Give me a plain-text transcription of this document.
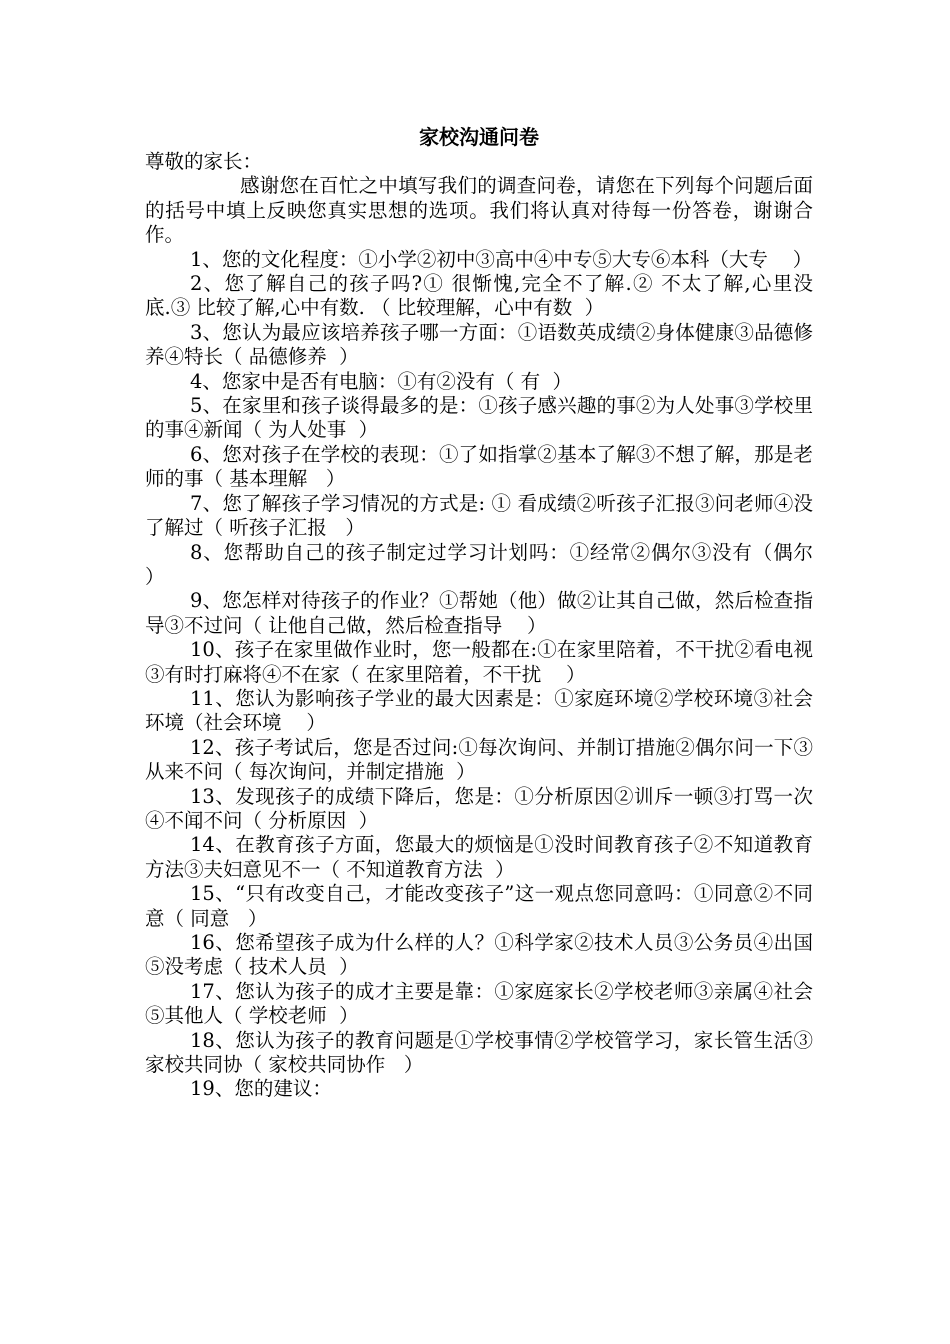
家校沟通问卷

尊敬的家长：

感谢您在百忙之中填写我们的调查问卷，请您在下列每个问题后面的括号中填上反映您真实思想的选项。我们将认真对待每一份答卷，谢谢合作。

1、您的文化程度：①小学②初中③高中④中专⑤大专⑥本科（大专    ）

2、您了解自己的孩子吗?① 很惭愧,完全不了解.② 不太了解,心里没底.③ 比较了解,心中有数. （ 比较理解，心中有数  ）

3、您认为最应该培养孩子哪一方面：①语数英成绩②身体健康③品德修养④特长（ 品德修养  ）

4、您家中是否有电脑：①有②没有（ 有  ）

5、在家里和孩子谈得最多的是：①孩子感兴趣的事②为人处事③学校里的事④新闻（ 为人处事  ）

6、您对孩子在学校的表现：①了如指掌②基本了解③不想了解，那是老师的事（ 基本理解   ）

7、您了解孩子学习情况的方式是: ① 看成绩②听孩子汇报③问老师④没了解过（ 听孩子汇报   ）

8、您帮助自己的孩子制定过学习计划吗：①经常②偶尔③没有（偶尔  ）

9、您怎样对待孩子的作业？①帮她（他）做②让其自己做，然后检查指导③不过问（ 让他自己做，然后检查指导    ）

10、孩子在家里做作业时，您一般都在:①在家里陪着，不干扰②看电视③有时打麻将④不在家（ 在家里陪着，不干扰    ）

11、您认为影响孩子学业的最大因素是：①家庭环境②学校环境③社会环境（社会环境    ）

12、孩子考试后，您是否过问:①每次询问、并制订措施②偶尔问一下③从来不问（ 每次询问，并制定措施  ）

13、发现孩子的成绩下降后，您是：①分析原因②训斥一顿③打骂一次④不闻不问（ 分析原因  ）

14、在教育孩子方面，您最大的烦恼是①没时间教育孩子②不知道教育方法③夫妇意见不一（ 不知道教育方法  ）

15、“只有改变自己，才能改变孩子”这一观点您同意吗：①同意②不同意（ 同意   ）

16、您希望孩子成为什么样的人？①科学家②技术人员③公务员④出国⑤没考虑（ 技术人员  ）

17、您认为孩子的成才主要是靠：①家庭家长②学校老师③亲属④社会⑤其他人（ 学校老师  ）

18、您认为孩子的教育问题是①学校事情②学校管学习，家长管生活③家校共同协（ 家校共同协作   ）

19、您的建议：
